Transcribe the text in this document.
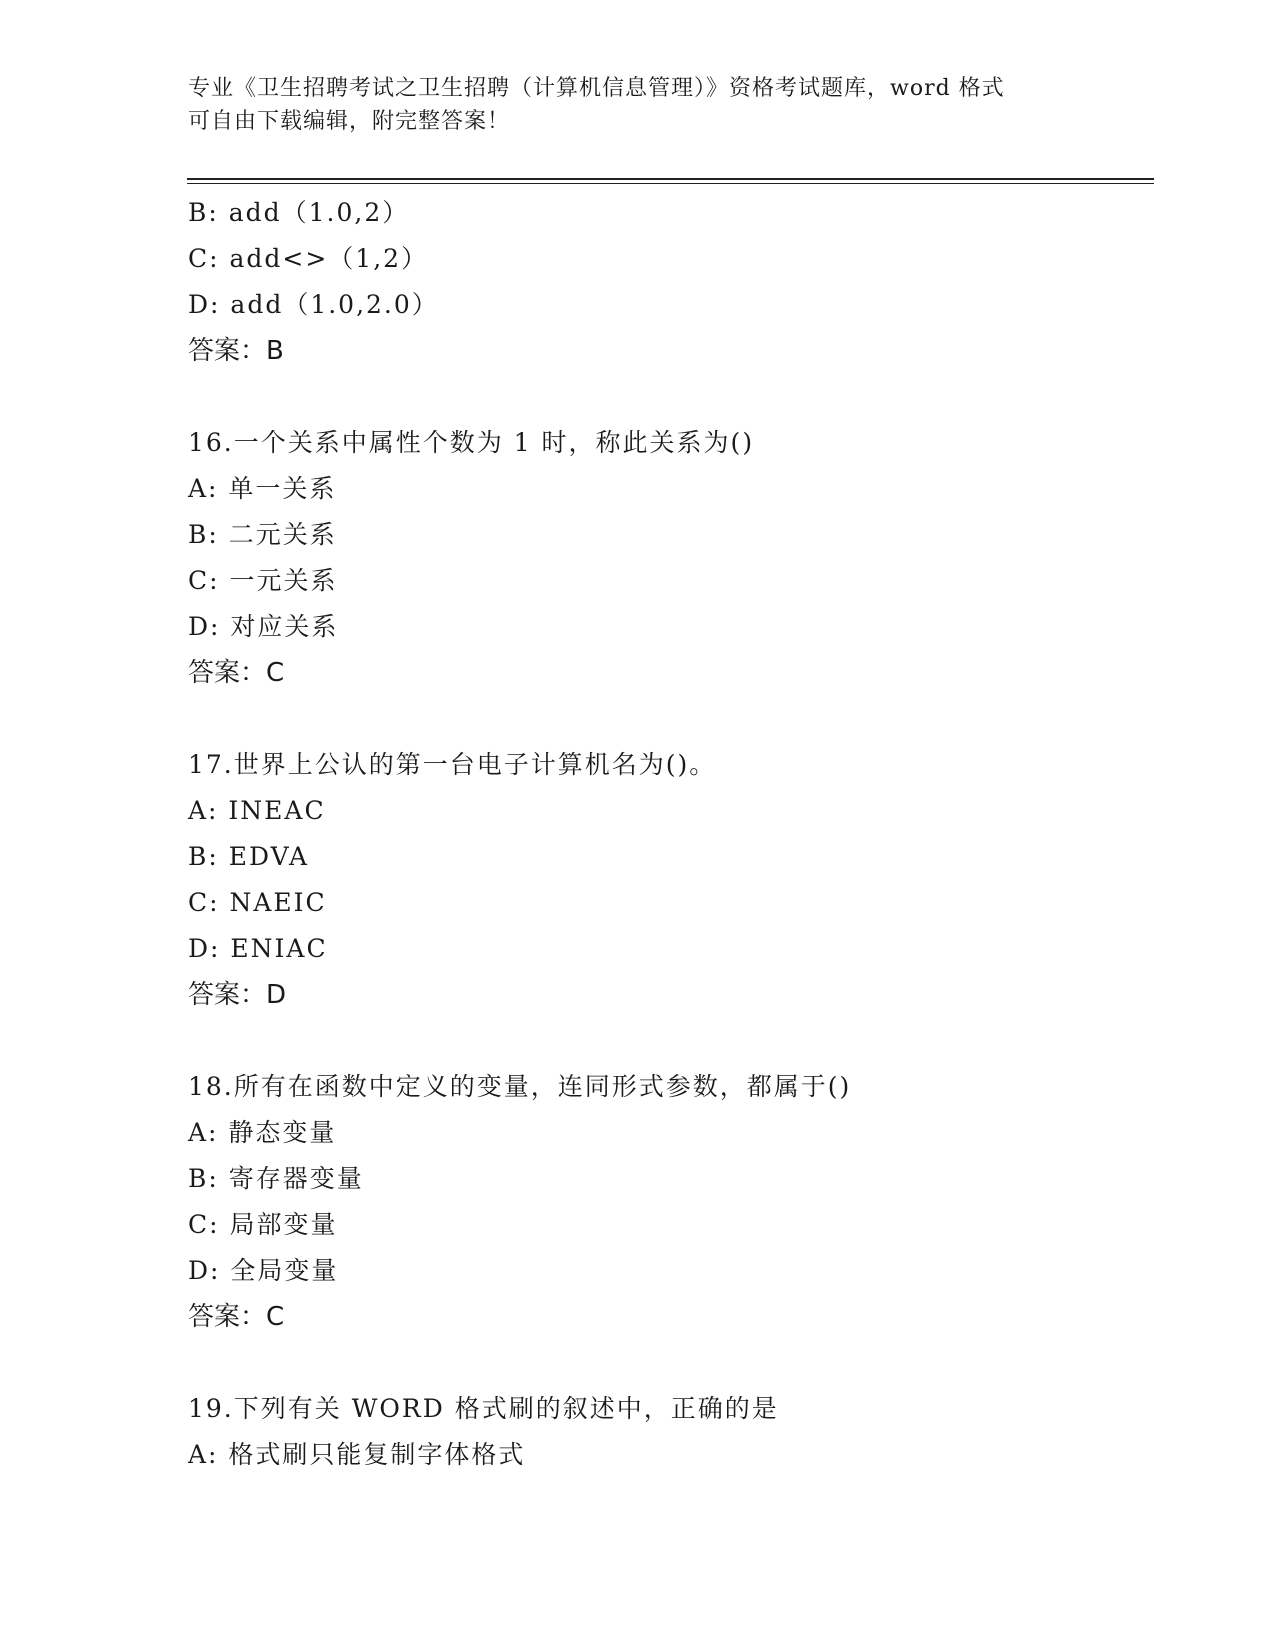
专业《卫生招聘考试之卫生招聘（计算机信息管理）》资格考试题库，word 格式
可自由下载编辑，附完整答案！
B: add（1.0,2）
C: add<>（1,2）
D: add（1.0,2.0）
答案：B
16.一个关系中属性个数为 1 时，称此关系为()
A: 单一关系
B: 二元关系
C: 一元关系
D: 对应关系
答案：C
17.世界上公认的第一台电子计算机名为()。
A: INEAC
B: EDVA
C: NAEIC
D: ENIAC
答案：D
18.所有在函数中定义的变量，连同形式参数，都属于()
A: 静态变量
B: 寄存器变量
C: 局部变量
D: 全局变量
答案：C
19.下列有关 WORD 格式刷的叙述中，正确的是
A: 格式刷只能复制字体格式
